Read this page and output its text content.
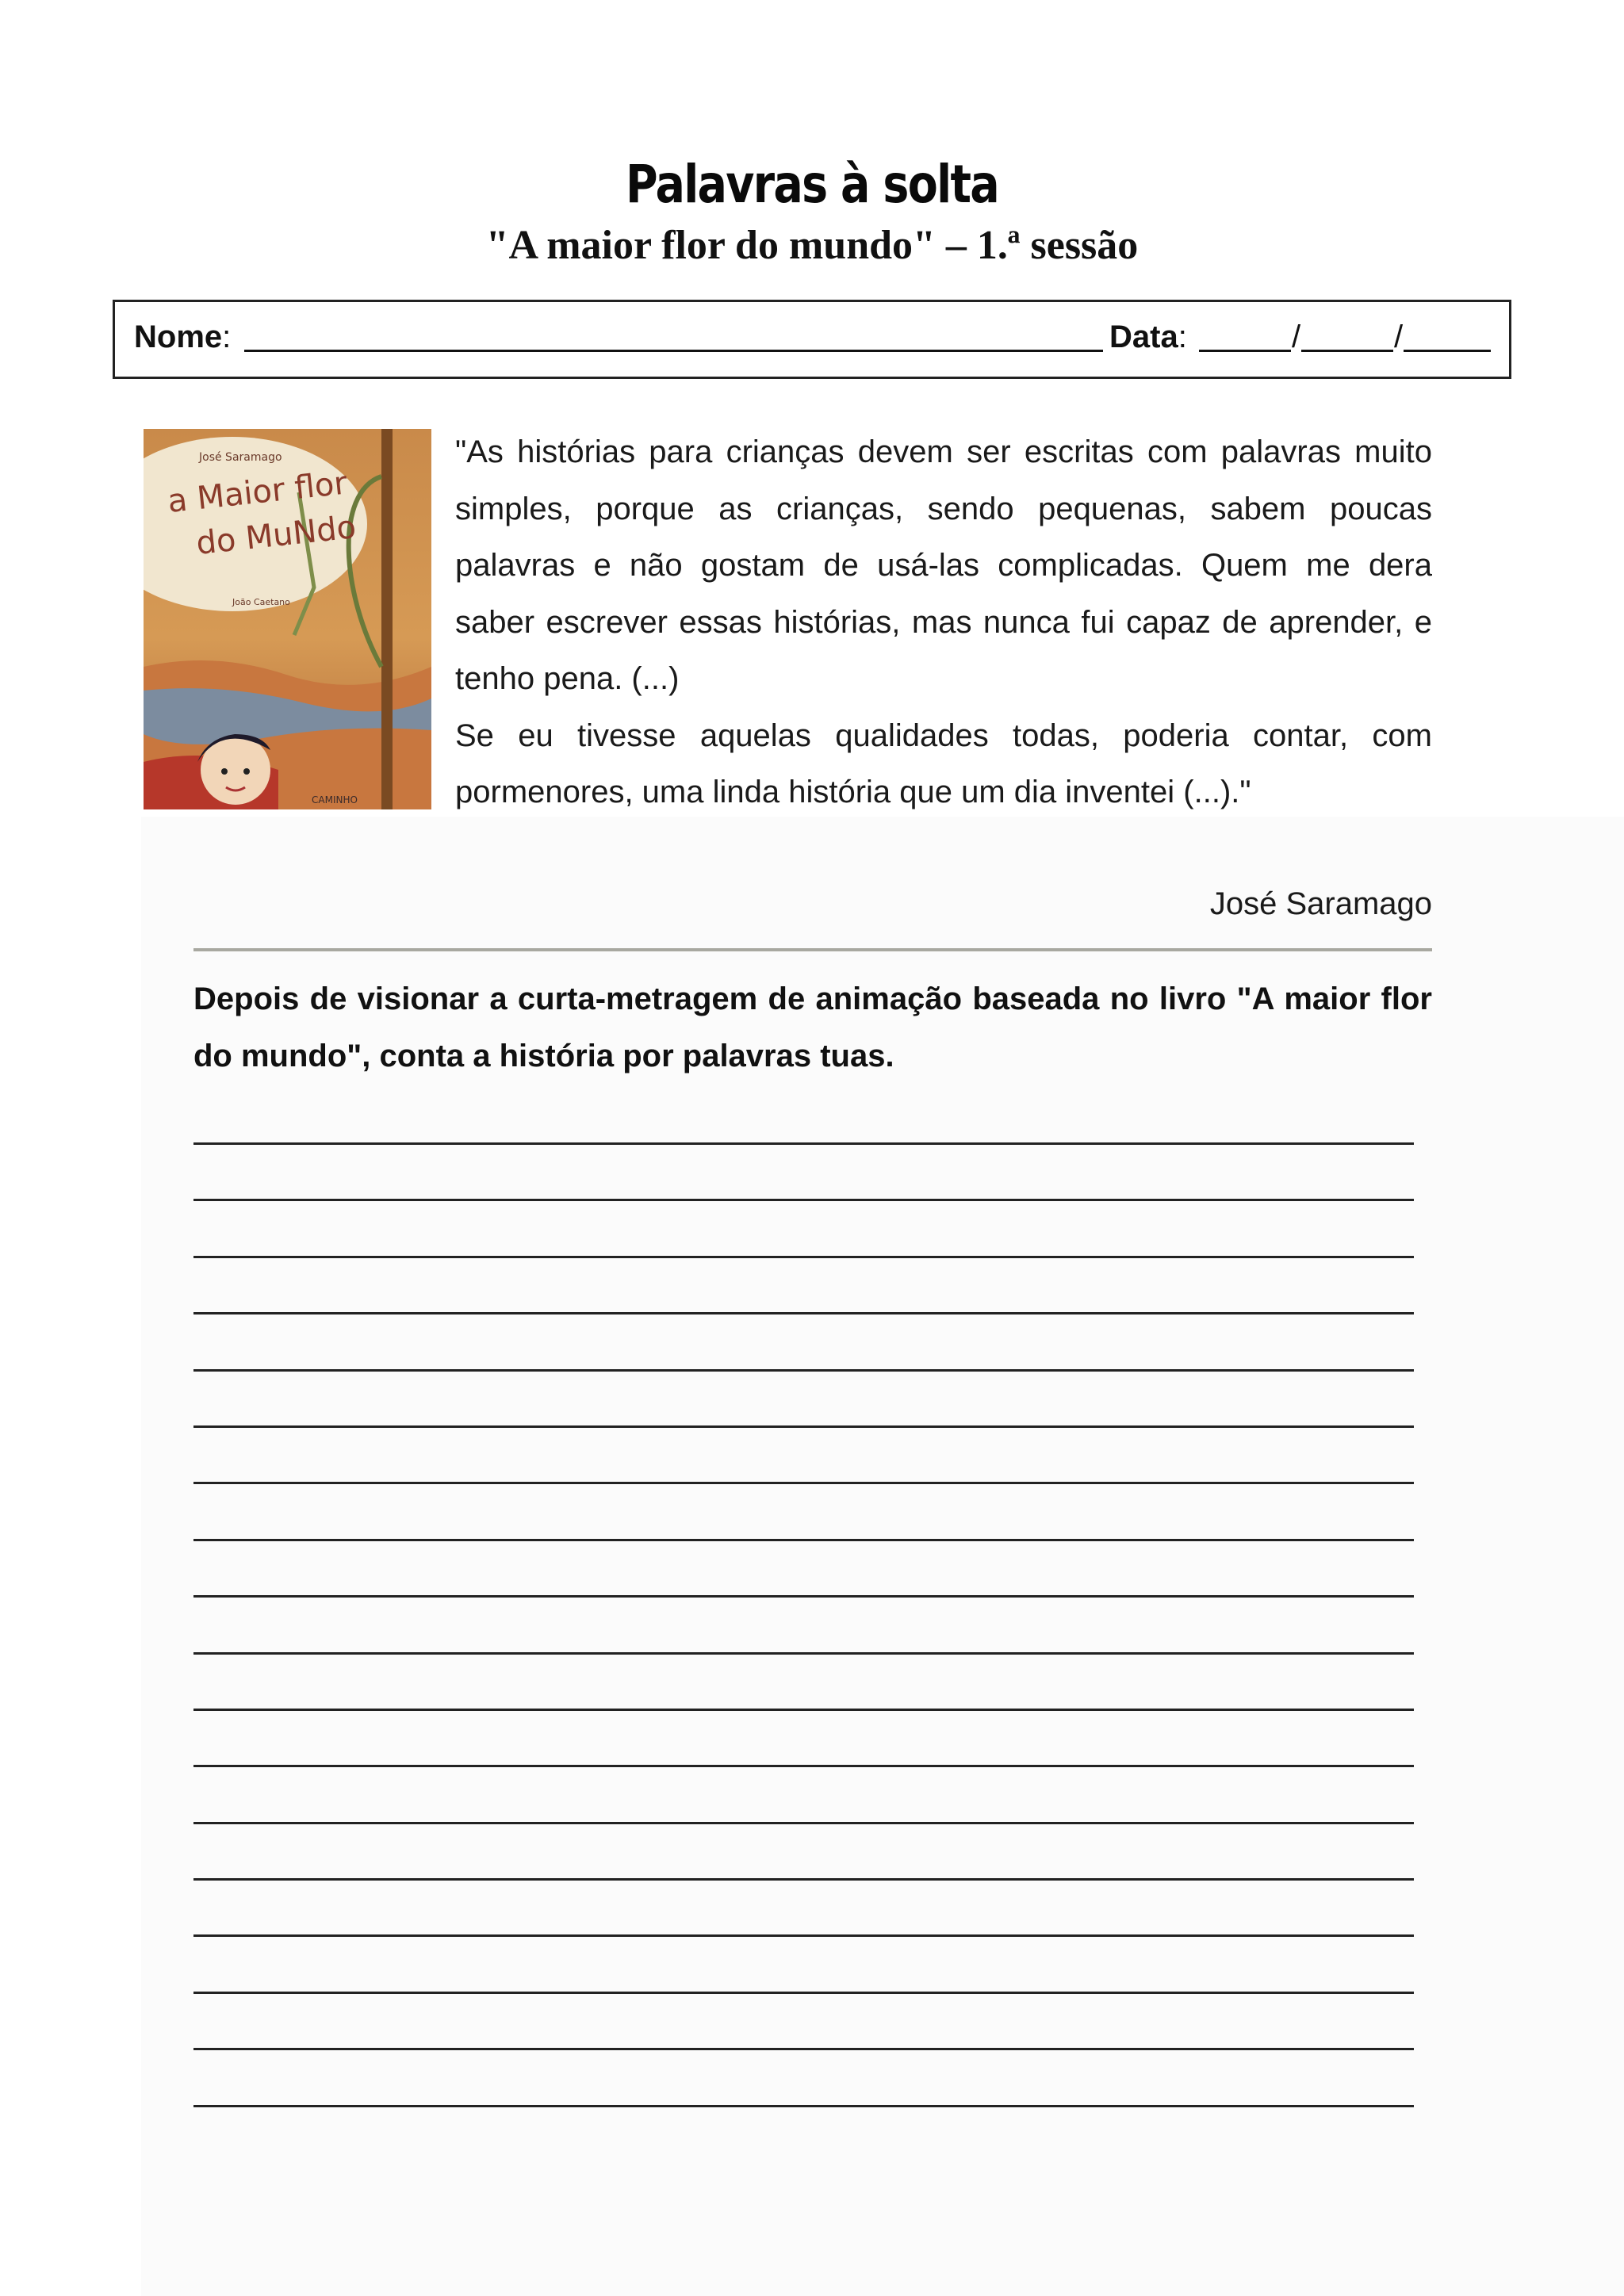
Palavras à solta
"A maior flor do mundo" – 1.ª sessão
Nome:	Data:	/	/
José Saramago
a Maior flor
do MuNdo
João Caetano
CAMINHO

"As histórias para crianças devem ser escritas com palavras muito simples, porque as crianças, sendo pequenas, sabem poucas palavras e não gostam de usá-las complicadas. Quem me dera saber escrever essas histórias, mas nunca fui capaz de aprender, e tenho pena. (...)

Se eu tivesse aquelas qualidades todas, poderia contar, com pormenores, uma linda história que um dia inventei (...)."

José Saramago
Depois de visionar a curta-metragem de animação baseada no livro "A maior flor do mundo", conta a história por palavras tuas.
